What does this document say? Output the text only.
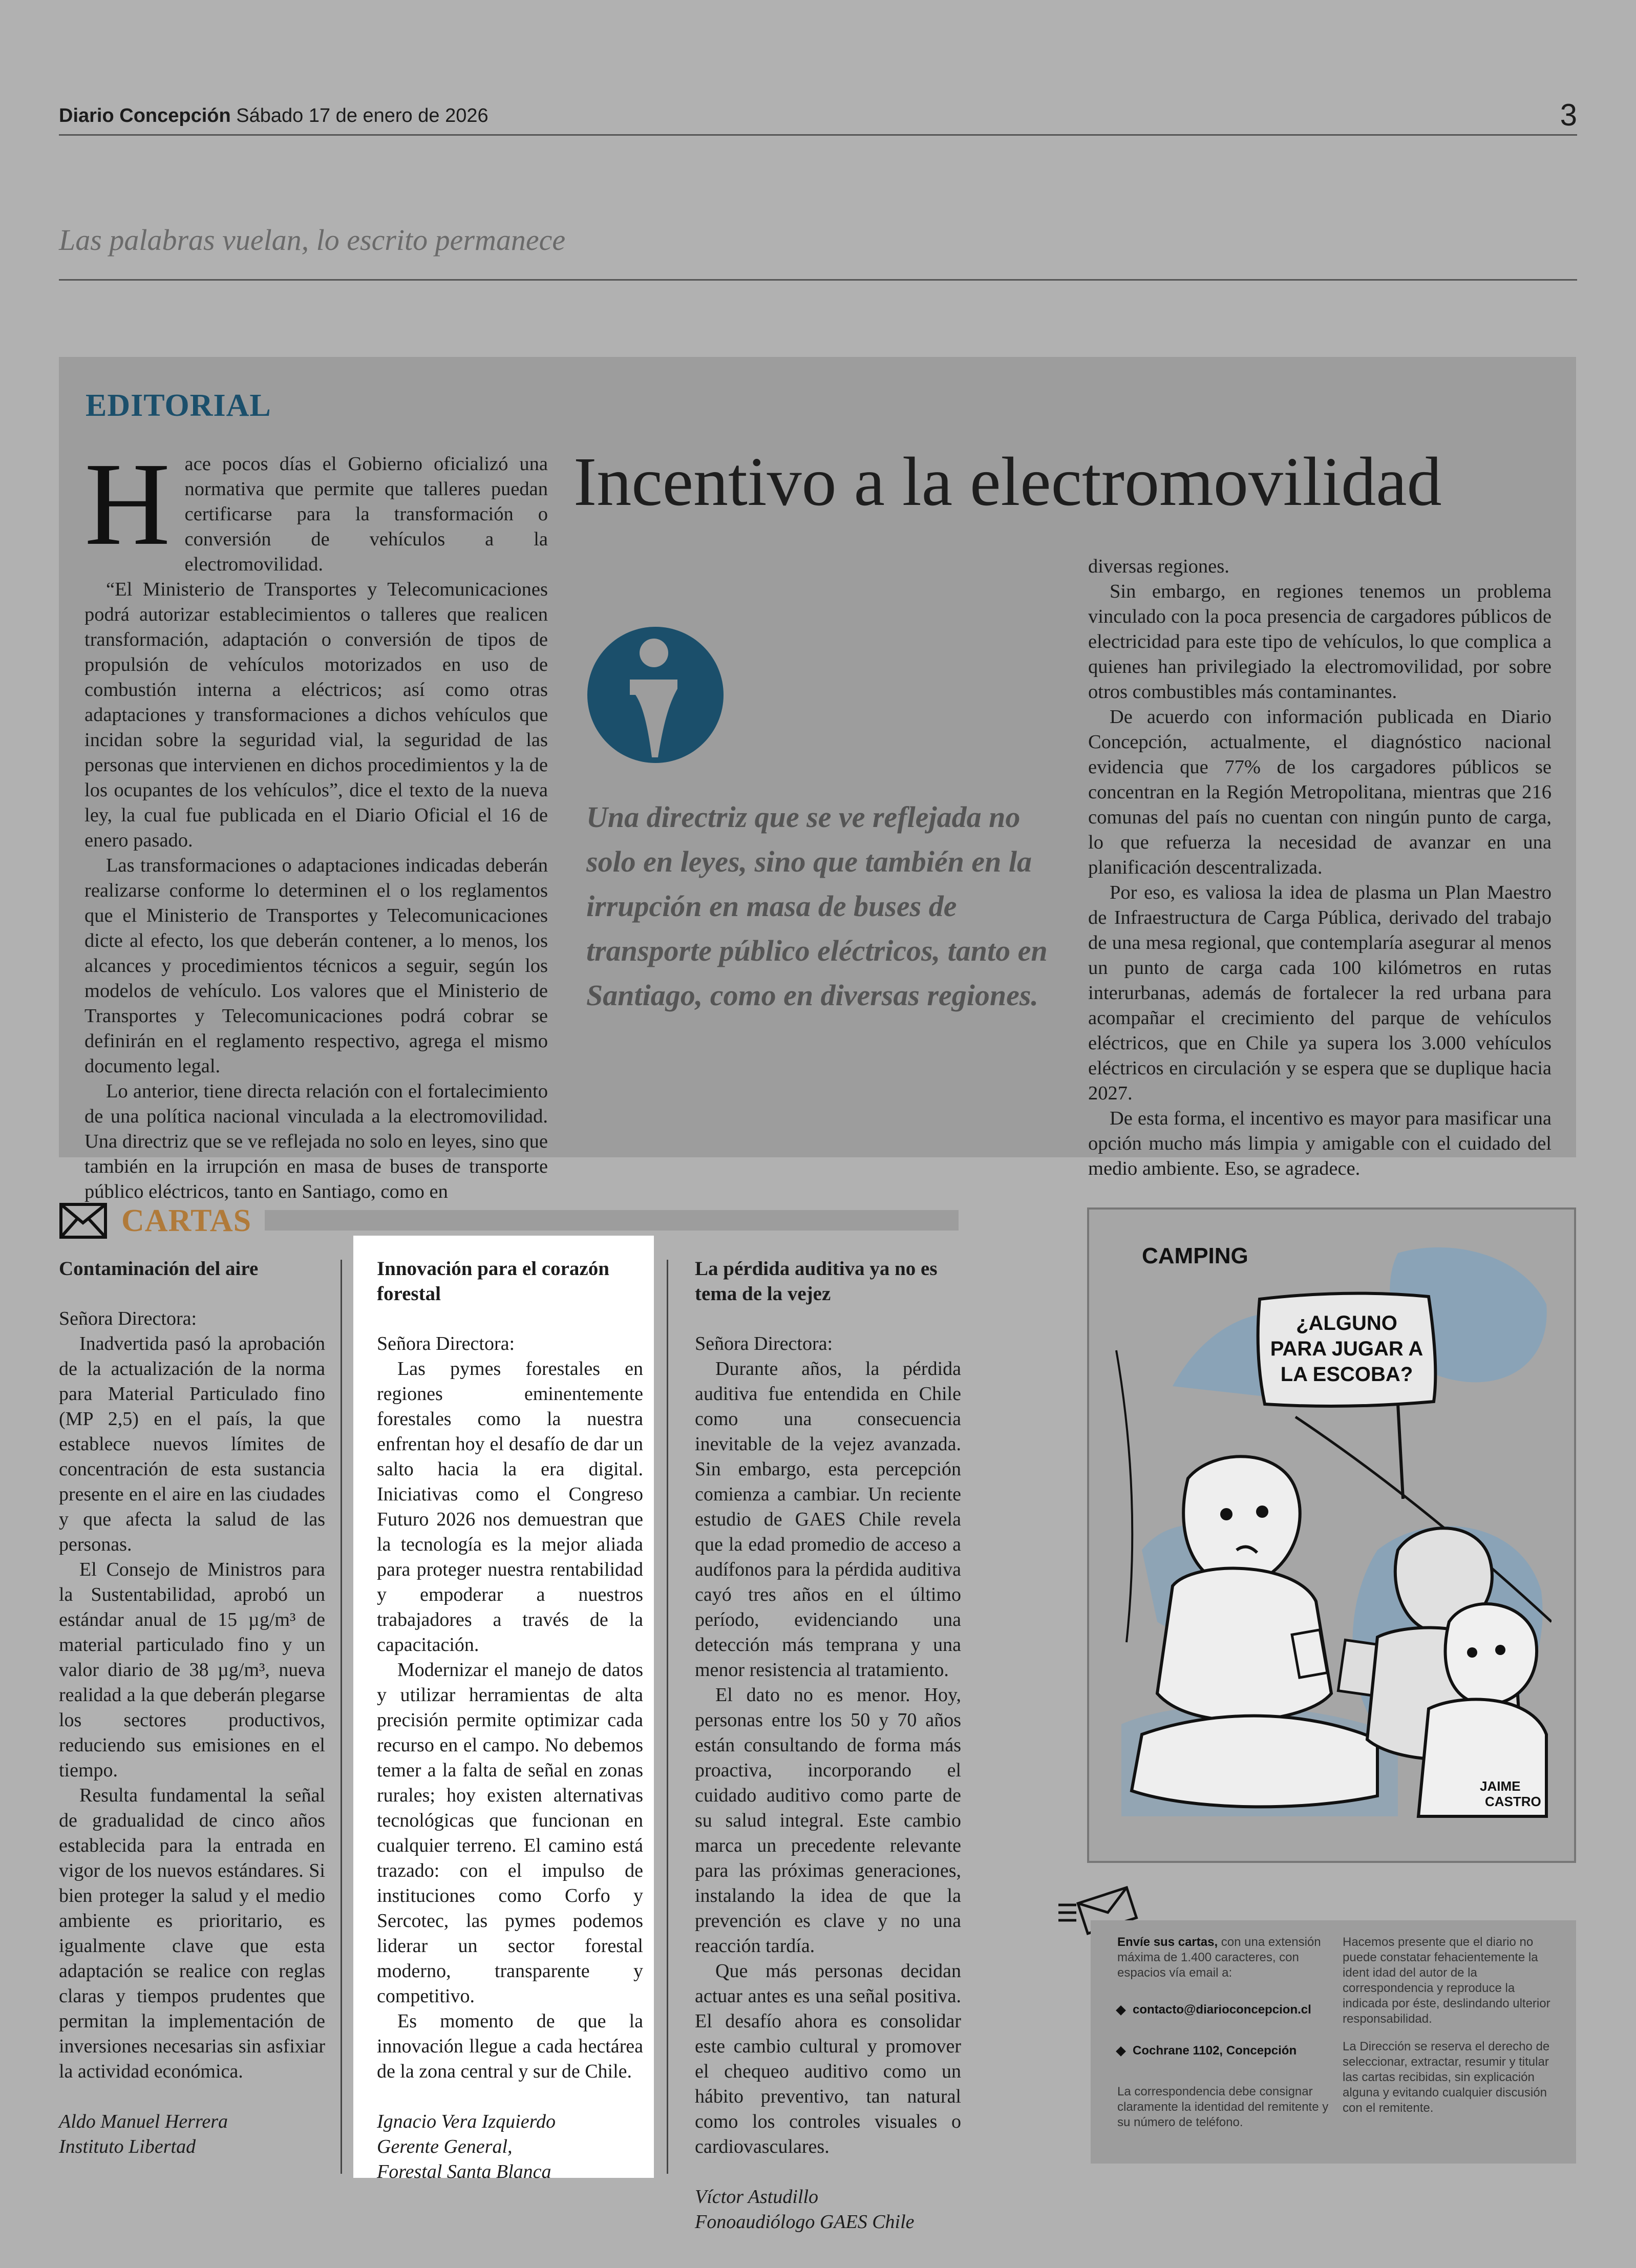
Diario Concepción Sábado 17 de enero de 2026	3
Las palabras vuelan, lo escrito permanece
EDITORIAL
Incentivo a la electromovilidad

Hace pocos días el Gobierno oficializó una normativa que permite que talleres puedan certificarse para la transformación o conversión de vehículos a la electromovilidad.

“El Ministerio de Transportes y Telecomunicaciones podrá autorizar establecimientos o talleres que realicen transformación, adaptación o conversión de tipos de propulsión de vehículos motorizados en uso de combustión interna a eléctricos; así como otras adaptaciones y transformaciones a dichos vehículos que incidan sobre la seguridad vial, la seguridad de las personas que intervienen en dichos procedimientos y la de los ocupantes de los vehículos”, dice el texto de la nueva ley, la cual fue publicada en el Diario Oficial el 16 de enero pasado.

Las transformaciones o adaptaciones indicadas deberán realizarse conforme lo determinen el o los reglamentos que el Ministerio de Transportes y Telecomunicaciones dicte al efecto, los que deberán contener, a lo menos, los alcances y procedimientos técnicos a seguir, según los modelos de vehículo. Los valores que el Ministerio de Transportes y Telecomunicaciones podrá cobrar se definirán en el reglamento respectivo, agrega el mismo documento legal.

Lo anterior, tiene directa relación con el fortalecimiento de una política nacional vinculada a la electromovilidad. Una directriz que se ve reflejada no solo en leyes, sino que también en la irrupción en masa de buses de transporte público eléctricos, tanto en Santiago, como en

Una directriz que se ve reflejada no solo en leyes, sino que también en la irrupción en masa de buses de transporte público eléctricos, tanto en Santiago, como en diversas regiones.

diversas regiones.

Sin embargo, en regiones tenemos un problema vinculado con la poca presencia de cargadores públicos de electricidad para este tipo de vehículos, lo que complica a quienes han privilegiado la electromovilidad, por sobre otros combustibles más contaminantes.

De acuerdo con información publicada en Diario Concepción, actualmente, el diagnóstico nacional evidencia que 77% de los cargadores públicos se concentran en la Región Metropolitana, mientras que 216 comunas del país no cuentan con ningún punto de carga, lo que refuerza la necesidad de avanzar en una planificación descentralizada.

Por eso, es valiosa la idea de plasma un Plan Maestro de Infraestructura de Carga Pública, derivado del trabajo de una mesa regional, que contemplaría asegurar al menos un punto de carga cada 100 kilómetros en rutas interurbanas, además de fortalecer la red urbana para acompañar el crecimiento del parque de vehículos eléctricos, que en Chile ya supera los 3.000 vehículos eléctricos en circulación y se espera que se duplique hacia 2027.

De esta forma, el incentivo es mayor para masificar una opción mucho más limpia y amigable con el cuidado del medio ambiente. Eso, se agradece.

CARTAS
Contaminación del aire
Señora Directora:

Inadvertida pasó la aprobación de la actualización de la norma para Material Particulado fino (MP 2,5) en el país, la que establece nuevos límites de concentración de esta sustancia presente en el aire en las ciudades y que afecta la salud de las personas.

El Consejo de Ministros para la Sustentabilidad, aprobó un estándar anual de 15 µg/m³ de material particulado fino y un valor diario de 38 µg/m³, nueva realidad a la que deberán plegarse los sectores productivos, reduciendo sus emisiones en el tiempo.

Resulta fundamental la señal de gradualidad de cinco años establecida para la entrada en vigor de los nuevos estándares. Si bien proteger la salud y el medio ambiente es prioritario, es igualmente clave que esta adaptación se realice con reglas claras y tiempos prudentes que permitan la implementación de inversiones necesarias sin asfixiar la actividad económica.

Aldo Manuel Herrera
Instituto Libertad
Innovación para el corazón forestal
Señora Directora:

Las pymes forestales en regiones eminentemente forestales como la nuestra enfrentan hoy el desafío de dar un salto hacia la era digital. Iniciativas como el Congreso Futuro 2026 nos demuestran que la tecnología es la mejor aliada para proteger nuestra rentabilidad y empoderar a nuestros trabajadores a través de la capacitación.

Modernizar el manejo de datos y utilizar herramientas de alta precisión permite optimizar cada recurso en el campo. No debemos temer a la falta de señal en zonas rurales; hoy existen alternativas tecnológicas que funcionan en cualquier terreno. El camino está trazado: con el impulso de instituciones como Corfo y Sercotec, las pymes podemos liderar un sector forestal moderno, transparente y competitivo.

Es momento de que la innovación llegue a cada hectárea de la zona central y sur de Chile.

Ignacio Vera Izquierdo
Gerente General,
Forestal Santa Blanca
La pérdida auditiva ya no es tema de la vejez
Señora Directora:

Durante años, la pérdida auditiva fue entendida en Chile como una consecuencia inevitable de la vejez avanzada. Sin embargo, esta percepción comienza a cambiar. Un reciente estudio de GAES Chile revela que la edad promedio de acceso a audífonos para la pérdida auditiva cayó tres años en el último período, evidenciando una detección más temprana y una menor resistencia al tratamiento.

El dato no es menor. Hoy, personas entre los 50 y 70 años están consultando de forma más proactiva, incorporando el cuidado auditivo como parte de su salud integral. Este cambio marca un precedente relevante para las próximas generaciones, instalando la idea de que la prevención es clave y no una reacción tardía.

Que más personas decidan actuar antes es una señal positiva. El desafío ahora es consolidar este cambio cultural y promover el chequeo auditivo como un hábito preventivo, tan natural como los controles visuales o cardiovasculares.

Víctor Astudillo
Fonoaudiólogo GAES Chile
CAMPING
¿ALGUNO
PARA JUGAR A
LA ESCOBA?
JAIME
CASTRO
Envíe sus cartas, con una extensión máxima de 1.400 caracteres, con espacios vía email a:
contacto@diarioconcepcion.cl
Cochrane 1102, Concepción
La correspondencia debe consignar claramente la identidad del remitente y su número de teléfono.
Hacemos presente que el diario no puede constatar fehacientemente la ident idad del autor de la correspondencia y reproduce la indicada por éste, deslindando ulterior responsabilidad.
La Dirección se reserva el derecho de seleccionar, extractar, resumir y titular las cartas recibidas, sin explicación alguna y evitando cualquier discusión con el remitente.
